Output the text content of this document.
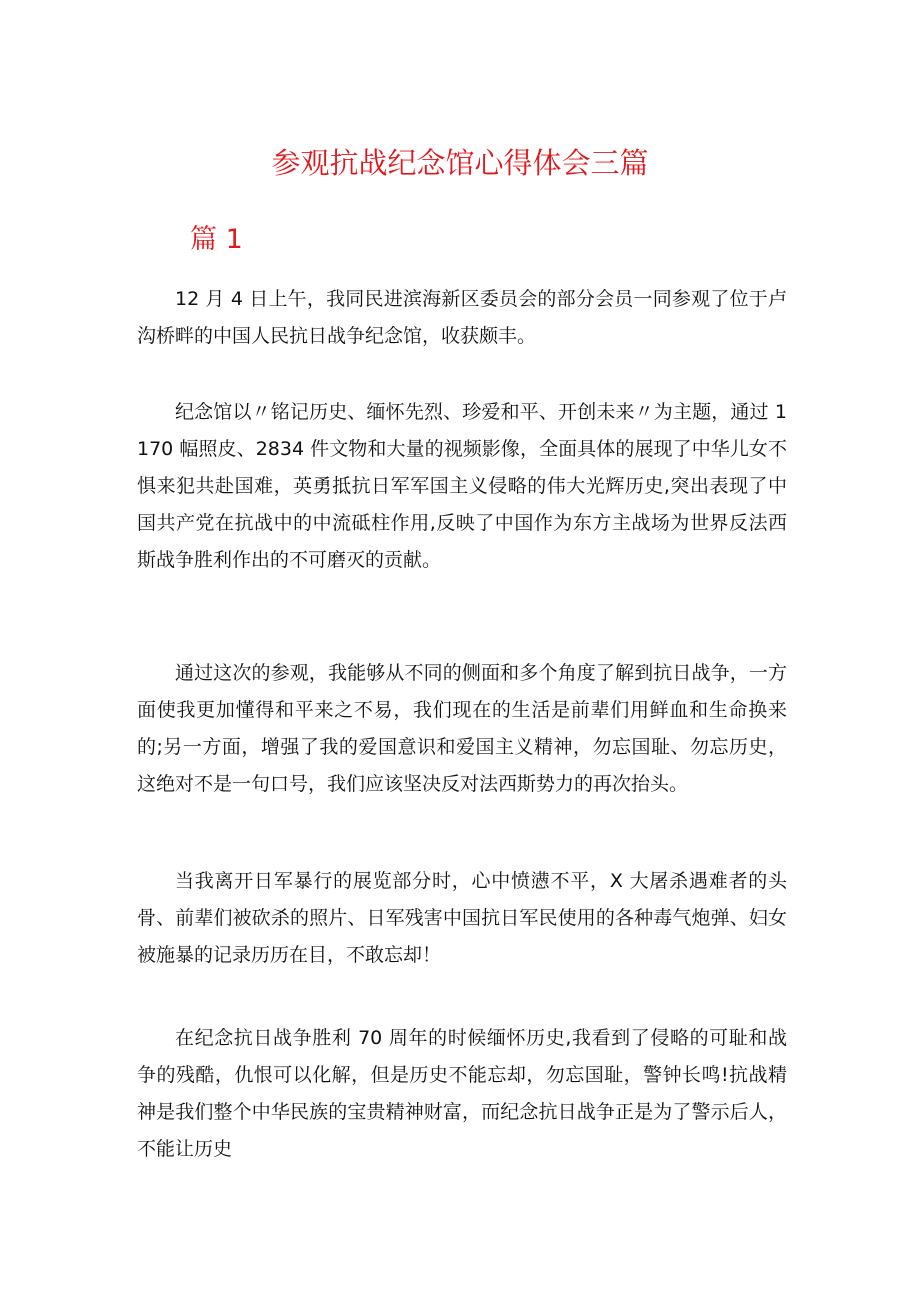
参观抗战纪念馆心得体会三篇
篇 1

12 月 4 日上午，我同民进滨海新区委员会的部分会员一同参观了位于卢沟桥畔的中国人民抗日战争纪念馆，收获颇丰。

纪念馆以〃铭记历史、缅怀先烈、珍爱和平、开创未来〃为主题，通过 1170 幅照皮、2834 件文物和大量的视频影像，全面具体的展现了中华儿女不惧来犯共赴国难，英勇抵抗日军军国主义侵略的伟大光辉历史,突出表现了中国共产党在抗战中的中流砥柱作用,反映了中国作为东方主战场为世界反法西斯战争胜利作出的不可磨灭的贡献。

通过这次的参观，我能够从不同的侧面和多个角度了解到抗日战争，一方面使我更加懂得和平来之不易，我们现在的生活是前辈们用鲜血和生命换来的;另一方面，增强了我的爱国意识和爱国主义精神，勿忘国耻、勿忘历史，这绝对不是一句口号，我们应该坚决反对法西斯势力的再次抬头。

当我离开日军暴行的展览部分时，心中愤懑不平，X 大屠杀遇难者的头骨、前辈们被砍杀的照片、日军残害中国抗日军民使用的各种毒气炮弹、妇女被施暴的记录历历在目，不敢忘却！

在纪念抗日战争胜利 70 周年的时候缅怀历史,我看到了侵略的可耻和战争的残酷，仇恨可以化解，但是历史不能忘却，勿忘国耻，警钟长鸣!抗战精神是我们整个中华民族的宝贵精神财富，而纪念抗日战争正是为了警示后人，不能让历史
